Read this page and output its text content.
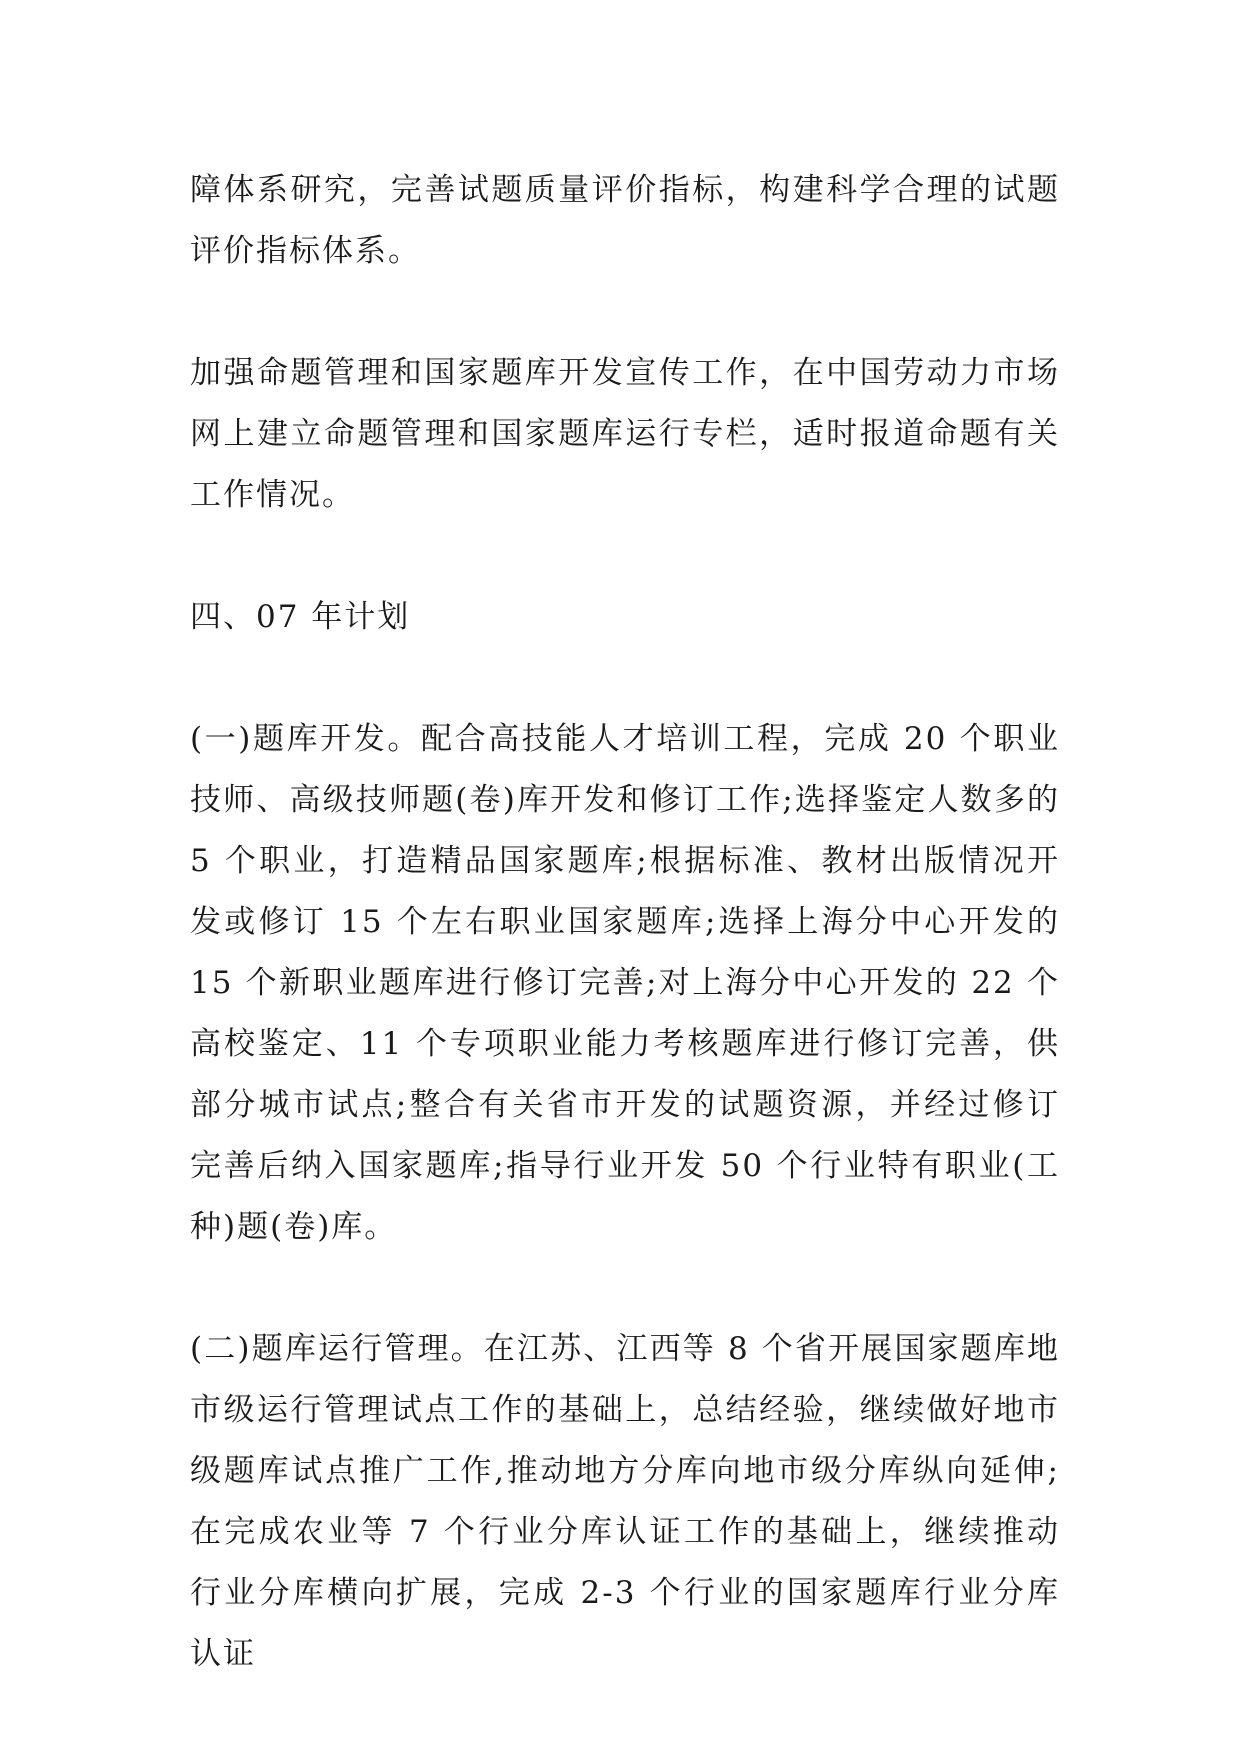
障体系研究，完善试题质量评价指标，构建科学合理的试题评价指标体系。

加强命题管理和国家题库开发宣传工作，在中国劳动力市场网上建立命题管理和国家题库运行专栏，适时报道命题有关工作情况。

四、07 年计划

(一)题库开发。配合高技能人才培训工程，完成 20 个职业技师、高级技师题(卷)库开发和修订工作;选择鉴定人数多的 5 个职业，打造精品国家题库;根据标准、教材出版情况开发或修订 15 个左右职业国家题库;选择上海分中心开发的 15 个新职业题库进行修订完善;对上海分中心开发的 22 个高校鉴定、11 个专项职业能力考核题库进行修订完善，供部分城市试点;整合有关省市开发的试题资源，并经过修订完善后纳入国家题库;指导行业开发 50 个行业特有职业(工种)题(卷)库。

(二)题库运行管理。在江苏、江西等 8 个省开展国家题库地市级运行管理试点工作的基础上，总结经验，继续做好地市级题库试点推广工作,推动地方分库向地市级分库纵向延伸;在完成农业等 7 个行业分库认证工作的基础上，继续推动行业分库横向扩展，完成 2-3 个行业的国家题库行业分库认证
